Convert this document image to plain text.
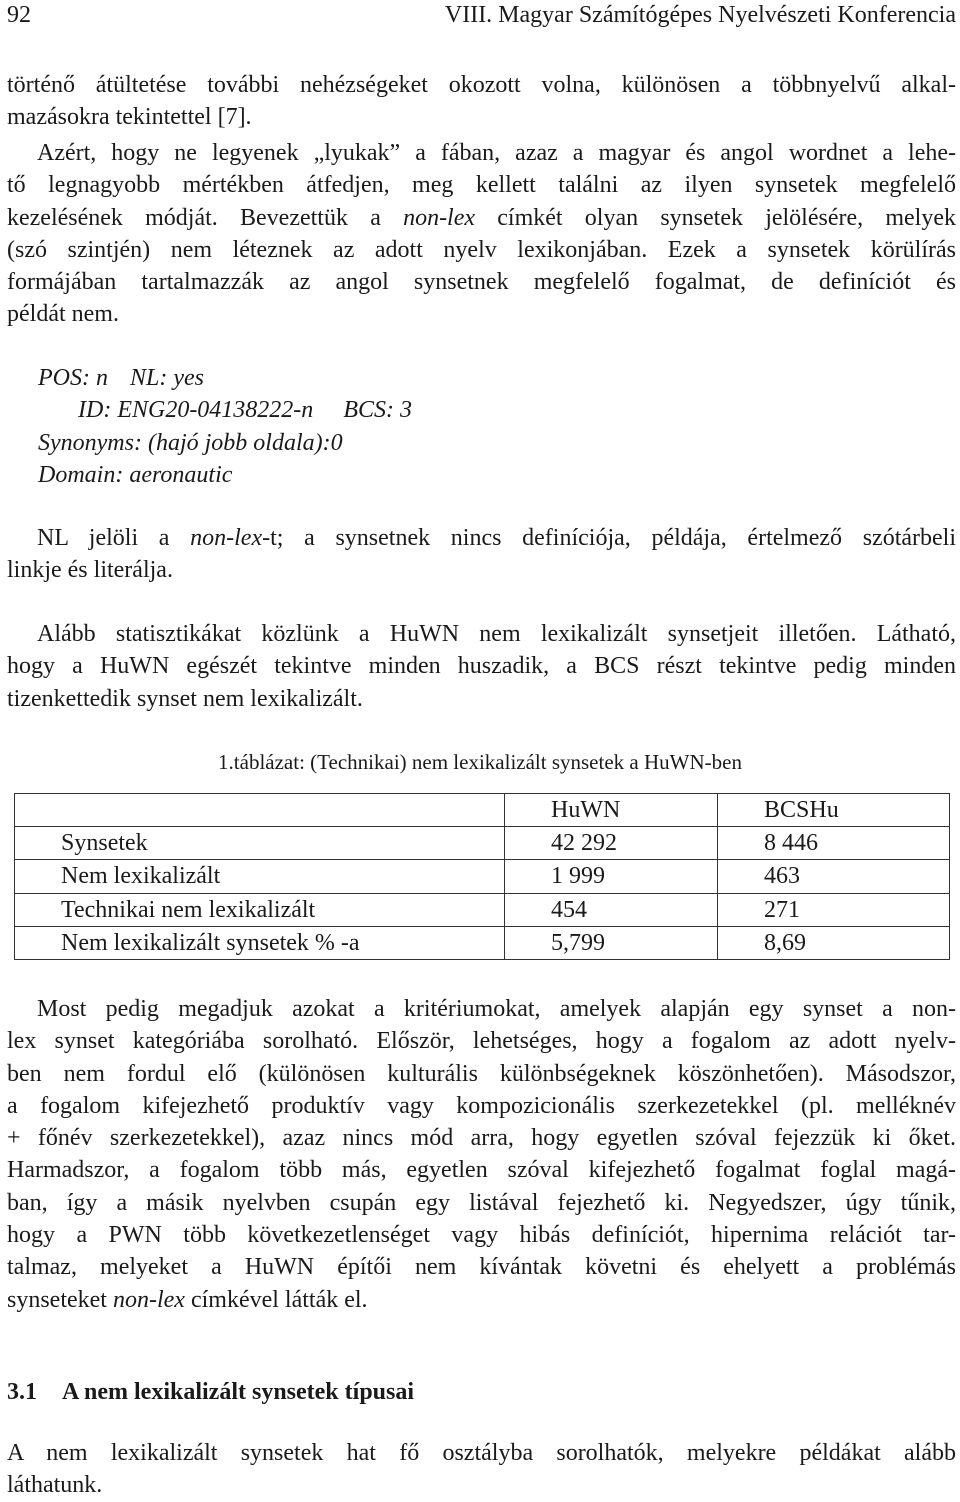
92	VIII. Magyar Számítógépes Nyelvészeti Konferencia
történő átültetése további nehézségeket okozott volna, különösen a többnyelvű alkal-
mazásokra tekintettel [7].
Azért, hogy ne legyenek „lyukak” a fában, azaz a magyar és angol wordnet a lehe-
tő legnagyobb mértékben átfedjen, meg kellett találni az ilyen synsetek megfelelő
kezelésének módját. Bevezettük a non-lex címkét olyan synsetek jelölésére, melyek
(szó szintjén) nem léteznek az adott nyelv lexikonjában. Ezek a synsetek körülírás
formájában tartalmazzák az angol synsetnek megfelelő fogalmat, de definíciót és
példát nem.
POS: n NL: yes
ID: ENG20-04138222-n BCS: 3
Synonyms: (hajó jobb oldala):0
Domain: aeronautic
NL jelöli a non-lex-t; a synsetnek nincs definíciója, példája, értelmező szótárbeli
linkje és literálja.
Alább statisztikákat közlünk a HuWN nem lexikalizált synsetjeit illetően. Látható,
hogy a HuWN egészét tekintve minden huszadik, a BCS részt tekintve pedig minden
tizenkettedik synset nem lexikalizált.
1.táblázat: (Technikai) nem lexikalizált synsetek a HuWN-ben
	HuWN	BCSHu
Synsetek	42 292	8 446
Nem lexikalizált	1 999	463
Technikai nem lexikalizált	454	271
Nem lexikalizált synsetek % -a	5,799	8,69
Most pedig megadjuk azokat a kritériumokat, amelyek alapján egy synset a non-
lex synset kategóriába sorolható. Először, lehetséges, hogy a fogalom az adott nyelv-
ben nem fordul elő (különösen kulturális különbségeknek köszönhetően). Másodszor,
a fogalom kifejezhető produktív vagy kompozicionális szerkezetekkel (pl. melléknév
+ főnév szerkezetekkel), azaz nincs mód arra, hogy egyetlen szóval fejezzük ki őket.
Harmadszor, a fogalom több más, egyetlen szóval kifejezhető fogalmat foglal magá-
ban, így a másik nyelvben csupán egy listával fejezhető ki. Negyedszer, úgy tűnik,
hogy a PWN több következetlenséget vagy hibás definíciót, hipernima relációt tar-
talmaz, melyeket a HuWN építői nem kívántak követni és ehelyett a problémás
synseteket non-lex címkével látták el.
3.1 A nem lexikalizált synsetek típusai
A nem lexikalizált synsetek hat fő osztályba sorolhatók, melyekre példákat alább
láthatunk.
